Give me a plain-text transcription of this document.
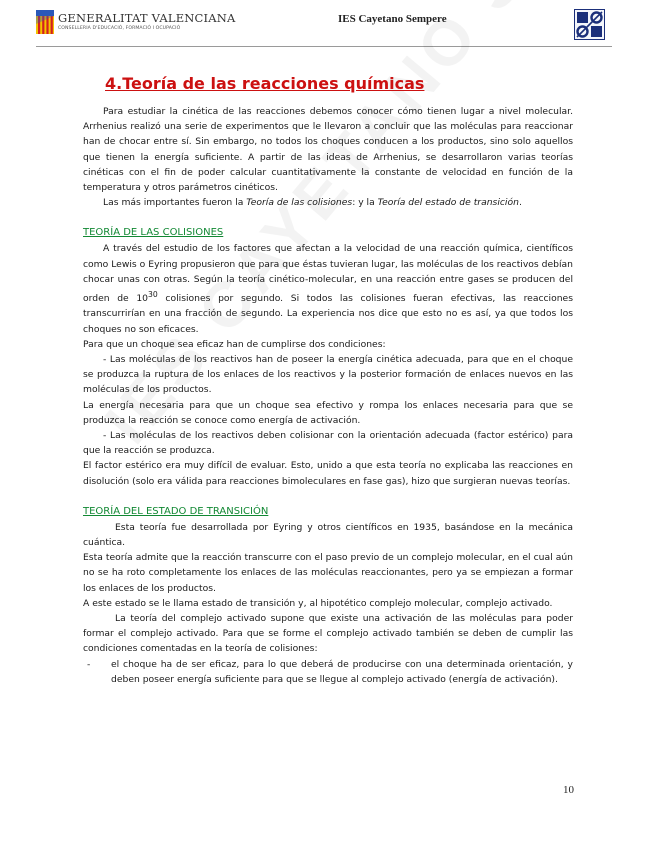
GENERALITAT VALENCIANA
CONSELLERIA D'EDUCACIÓ, FORMACIÓ I OCUPACIÓ
IES Cayetano Sempere
4.Teoría de las reacciones químicas

Para estudiar la cinética de las reacciones debemos conocer cómo tienen lugar a nivel molecular. Arrhenius realizó una serie de experimentos que le llevaron a concluir que las moléculas para reaccionar han de chocar entre sí. Sin embargo, no todos los choques conducen a los productos, sino solo aquellos que tienen la energía suficiente. A partir de las ideas de Arrhenius, se desarrollaron varias teorías cinéticas con el fin de poder calcular cuantitativamente la constante de velocidad en función de la temperatura y otros parámetros cinéticos.

Las más importantes fueron la Teoría de las colisiones: y la Teoría del estado de transición.

TEORÍA DE LAS COLISIONES

A través del estudio de los factores que afectan a la velocidad de una reacción química, científicos como Lewis o Eyring propusieron que para que éstas tuvieran lugar, las moléculas de los reactivos debían chocar unas con otras. Según la teoría cinético-molecular, en una reacción entre gases se producen del orden de $10^{30}$ colisiones por segundo. Si todos las colisiones fueran efectivas, las reacciones transcurrirían en una fracción de segundo. La experiencia nos dice que esto no es así, ya que todos los choques no son eficaces.

Para que un choque sea eficaz han de cumplirse dos condiciones:

- Las moléculas de los reactivos han de poseer la energía cinética adecuada, para que en el choque se produzca la ruptura de los enlaces de los reactivos y la posterior formación de enlaces nuevos en las moléculas de los productos.

La energía necesaria para que un choque sea efectivo y rompa los enlaces necesaria para que se produzca la reacción se conoce como energía de activación.

- Las moléculas de los reactivos deben colisionar con la orientación adecuada (factor estérico) para que la reacción se produzca.

El factor estérico era muy difícil de evaluar. Esto, unido a que esta teoría no explicaba las reacciones en disolución (solo era válida para reacciones bimoleculares en fase gas), hizo que surgieran nuevas teorías.

TEORÍA DEL ESTADO DE TRANSICIÓN

Esta teoría fue desarrollada por Eyring y otros científicos en 1935, basándose en la mecánica cuántica.

Esta teoría admite que la reacción transcurre con el paso previo de un complejo molecular, en el cual aún no se ha roto completamente los enlaces de las moléculas reaccionantes, pero ya se empiezan a formar los enlaces de los productos.

A este estado se le llama estado de transición y, al hipotético complejo molecular, complejo activado.

La teoría del complejo activado supone que existe una activación de las moléculas para poder formar el complejo activado. Para que se forme el complejo activado también se deben de cumplir las condiciones comentadas en la teoría de colisiones:

- el choque ha de ser eficaz, para lo que deberá de producirse con una determinada orientación, y deben poseer energía suficiente para que se llegue al complejo activado (energía de activación).
10
